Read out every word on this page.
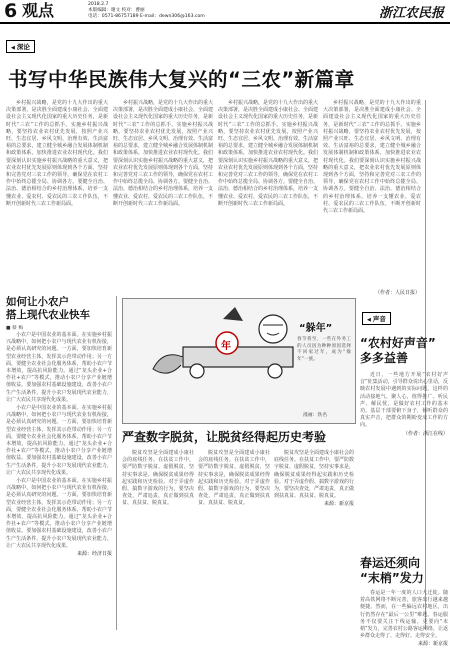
6 观点	2018.2.7
本版编辑：谢文 校对：曹丽
电话：0571-86757189 E-mail：dewn306@163.com	浙江农民报
◀ 深论
书写中华民族伟大复兴的“三农”新篇章

乡村振兴战略，是党的十九大作出的重大决策部署，是决胜全面建成小康社会、全面建设社会主义现代化国家的重大历史任务，是新时代“三农”工作的总抓手。实施乡村振兴战略，要坚持农业农村优先发展，按照产业兴旺、生态宜居、乡风文明、治理有效、生活富裕的总要求，建立健全城乡融合发展体制机制和政策体系，加快推进农业农村现代化。我们要深刻认识实施乡村振兴战略的重大意义，把农业农村优先发展原则体现到各个方面，坚持和完善党对三农工作的领导，确保党在农村工作中始终总揽全局、协调各方。要健全自治、法治、德治相结合的乡村治理体系，培养一支懂农业、爱农村、爱农民的三农工作队伍，不断开创新时代三农工作新局面。

乡村振兴战略，是党的十九大作出的重大决策部署，是决胜全面建成小康社会、全面建设社会主义现代化国家的重大历史任务，是新时代“三农”工作的总抓手。实施乡村振兴战略，要坚持农业农村优先发展，按照产业兴旺、生态宜居、乡风文明、治理有效、生活富裕的总要求，建立健全城乡融合发展体制机制和政策体系，加快推进农业农村现代化。我们要深刻认识实施乡村振兴战略的重大意义，把农业农村优先发展原则体现到各个方面，坚持和完善党对三农工作的领导，确保党在农村工作中始终总揽全局、协调各方。要健全自治、法治、德治相结合的乡村治理体系，培养一支懂农业、爱农村、爱农民的三农工作队伍，不断开创新时代三农工作新局面。

乡村振兴战略，是党的十九大作出的重大决策部署，是决胜全面建成小康社会、全面建设社会主义现代化国家的重大历史任务，是新时代“三农”工作的总抓手。实施乡村振兴战略，要坚持农业农村优先发展，按照产业兴旺、生态宜居、乡风文明、治理有效、生活富裕的总要求，建立健全城乡融合发展体制机制和政策体系，加快推进农业农村现代化。我们要深刻认识实施乡村振兴战略的重大意义，把农业农村优先发展原则体现到各个方面，坚持和完善党对三农工作的领导，确保党在农村工作中始终总揽全局、协调各方。要健全自治、法治、德治相结合的乡村治理体系，培养一支懂农业、爱农村、爱农民的三农工作队伍，不断开创新时代三农工作新局面。

乡村振兴战略，是党的十九大作出的重大决策部署，是决胜全面建成小康社会、全面建设社会主义现代化国家的重大历史任务，是新时代“三农”工作的总抓手。实施乡村振兴战略，要坚持农业农村优先发展，按照产业兴旺、生态宜居、乡风文明、治理有效、生活富裕的总要求，建立健全城乡融合发展体制机制和政策体系，加快推进农业农村现代化。我们要深刻认识实施乡村振兴战略的重大意义，把农业农村优先发展原则体现到各个方面，坚持和完善党对三农工作的领导，确保党在农村工作中始终总揽全局、协调各方。要健全自治、法治、德治相结合的乡村治理体系，培养一支懂农业、爱农村、爱农民的三农工作队伍，不断开创新时代三农工作新局面。

（作者：人民日报）
◀ 声音
“农村好声音”
多多益善

近日，一些地方开展“农村好声音”征集活动，引导群众说出心里话，反映农村发展中遇到的实际问题。这样的活动接地气、聚人心，值得推广。听民声、解民忧，是做好农村工作的基本功。基层干部要俯下身子，倾听群众的真实声音，把群众的期盼变成工作的方向。

（作者：浙江在线）
春运还须向
“末梢”发力

春运是一年一度的人口大迁徙。随着高铁网络不断完善，旅客出行越来越便捷。然而，在一些偏远农村地区，出行仍然存在“最后一公里”难题。春运服务不仅要关注干线运输，更要向“末梢”发力，完善农村公路客运网络，让返乡群众走得了、走得好、走得安全。

来源：新京报
如何让小农户
搭上现代农业快车
■ 蔡 梅

小农户是中国农业的基本面。在实施乡村振兴战略中，如何把小农户与现代农业有机衔接，是必须认真研究的问题。一方面，要加快培育新型农业经营主体，发挥其示范带动作用；另一方面，要健全农业社会化服务体系，帮助小农户节本增效，提高抗风险能力。通过“龙头企业+合作社+农户”等模式，推动小农户分享产业链增值收益。要加强农村基础设施建设，改善小农户生产生活条件，提升小农户发展现代农业能力，让广大农民共享现代化成果。

小农户是中国农业的基本面。在实施乡村振兴战略中，如何把小农户与现代农业有机衔接，是必须认真研究的问题。一方面，要加快培育新型农业经营主体，发挥其示范带动作用；另一方面，要健全农业社会化服务体系，帮助小农户节本增效，提高抗风险能力。通过“龙头企业+合作社+农户”等模式，推动小农户分享产业链增值收益。要加强农村基础设施建设，改善小农户生产生活条件，提升小农户发展现代农业能力，让广大农民共享现代化成果。

小农户是中国农业的基本面。在实施乡村振兴战略中，如何把小农户与现代农业有机衔接，是必须认真研究的问题。一方面，要加快培育新型农业经营主体，发挥其示范带动作用；另一方面，要健全农业社会化服务体系，帮助小农户节本增效，提高抗风险能力。通过“龙头企业+合作社+农户”等模式，推动小农户分享产业链增值收益。要加强农村基础设施建设，改善小农户生产生活条件，提升小农户发展现代农业能力，让广大农民共享现代化成果。

来源：经济日报
年
“躲年”
春节将至，一些在外务工的人员因为种种原因选择不回家过年，成为“躲年”一族。
漫画：佚名
严查数字脱贫，让脱贫经得起历史考验

脱贫攻坚是全面建成小康社会的底线任务。在扶贫工作中，要严防数字脱贫、虚假脱贫，坚持实事求是，确保脱贫成果经得起实践和历史检验。对于弄虚作假、搞数字游戏的行为，要坚决查处，严肃追责，真正做到扶真贫、真扶贫、脱真贫。

脱贫攻坚是全面建成小康社会的底线任务。在扶贫工作中，要严防数字脱贫、虚假脱贫，坚持实事求是，确保脱贫成果经得起实践和历史检验。对于弄虚作假、搞数字游戏的行为，要坚决查处，严肃追责，真正做到扶真贫、真扶贫、脱真贫。

脱贫攻坚是全面建成小康社会的底线任务。在扶贫工作中，要严防数字脱贫、虚假脱贫，坚持实事求是，确保脱贫成果经得起实践和历史检验。对于弄虚作假、搞数字游戏的行为，要坚决查处，严肃追责，真正做到扶真贫、真扶贫、脱真贫。

来源：新京报
